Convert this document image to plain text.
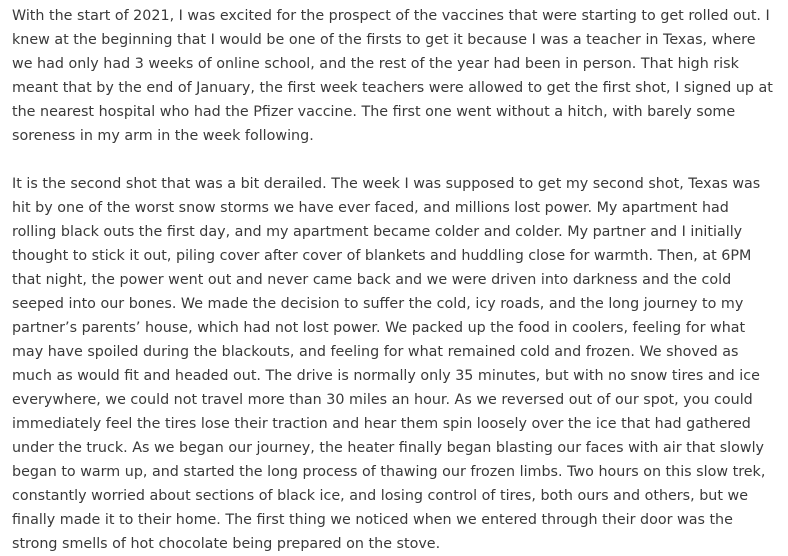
With the start of 2021, I was excited for the prospect of the vaccines that were starting to get rolled out. I knew at the beginning that I would be one of the firsts to get it because I was a teacher in Texas, where we had only had 3 weeks of online school, and the rest of the year had been in person. That high risk meant that by the end of January, the first week teachers were allowed to get the first shot, I signed up at the nearest hospital who had the Pfizer vaccine. The first one went without a hitch, with barely some soreness in my arm in the week following.

It is the second shot that was a bit derailed. The week I was supposed to get my second shot, Texas was hit by one of the worst snow storms we have ever faced, and millions lost power. My apartment had rolling black outs the first day, and my apartment became colder and colder. My partner and I initially thought to stick it out, piling cover after cover of blankets and huddling close for warmth. Then, at 6PM that night, the power went out and never came back and we were driven into darkness and the cold seeped into our bones. We made the decision to suffer the cold, icy roads, and the long journey to my partner’s parents’ house, which had not lost power. We packed up the food in coolers, feeling for what may have spoiled during the blackouts, and feeling for what remained cold and frozen. We shoved as much as would fit and headed out. The drive is normally only 35 minutes, but with no snow tires and ice everywhere, we could not travel more than 30 miles an hour. As we reversed out of our spot, you could immediately feel the tires lose their traction and hear them spin loosely over the ice that had gathered under the truck. As we began our journey, the heater finally began blasting our faces with air that slowly began to warm up, and started the long process of thawing our frozen limbs. Two hours on this slow trek, constantly worried about sections of black ice, and losing control of tires, both ours and others, but we finally made it to their home. The first thing we noticed when we entered through their door was the strong smells of hot chocolate being prepared on the stove.
